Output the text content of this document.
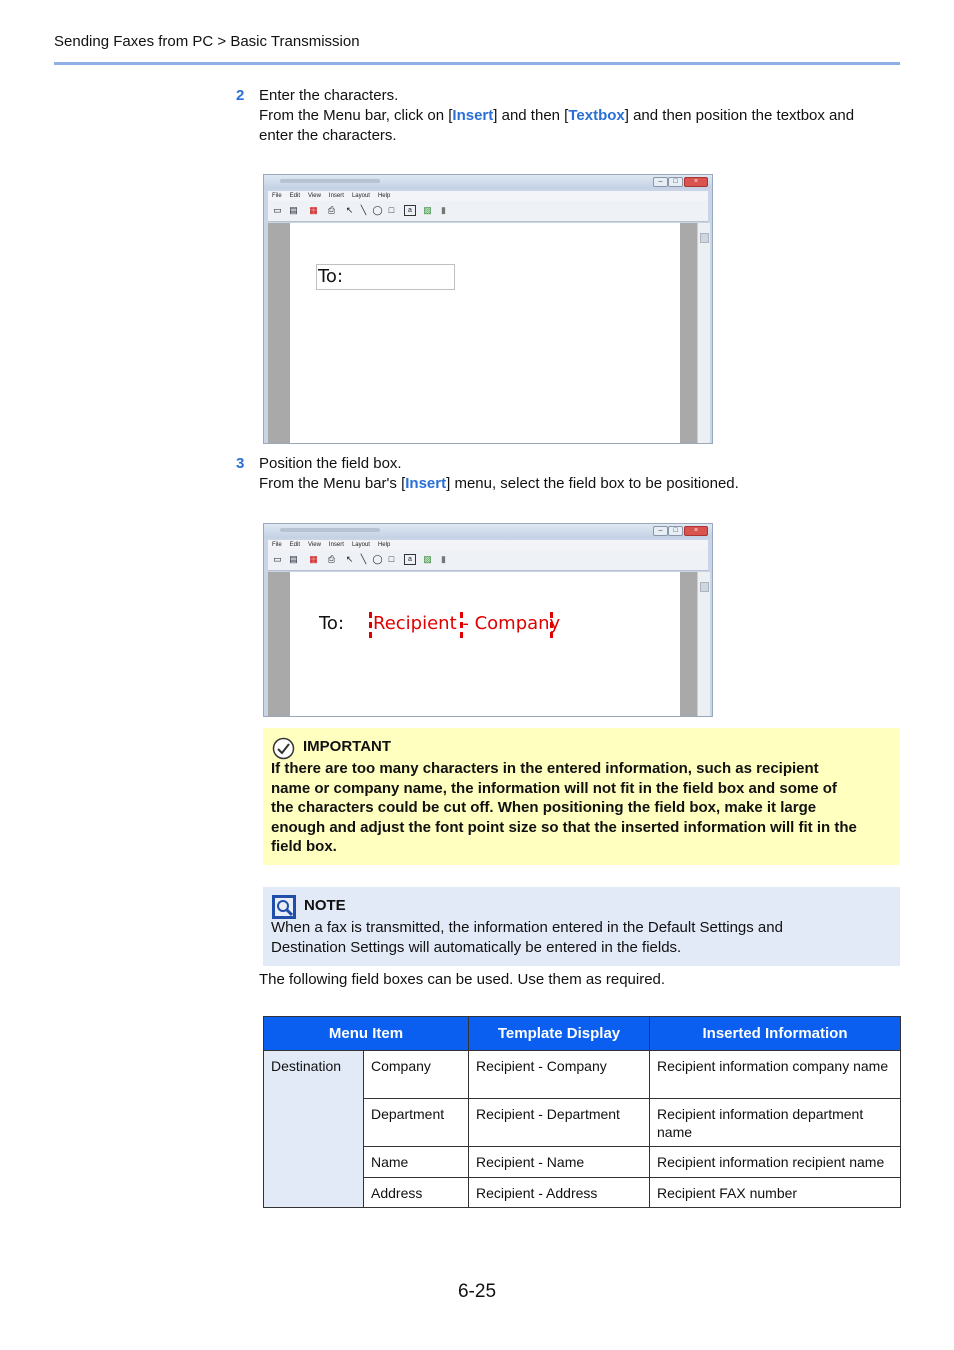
Sending Faxes from PC > Basic Transmission
2 Enter the characters.
From the Menu bar, click on [Insert] and then [Textbox] and then position the textbox and
enter the characters.
–	□	×
File Edit View Insert Layout Help
▭ ▤ ▦ ⎙ ↖ ╲ ◯ □	a	▨	▮
To:
3 Position the field box.
From the Menu bar's [Insert] menu, select the field box to be positioned.
–	□	×
File Edit View Insert Layout Help
▭ ▤ ▦ ⎙ ↖ ╲ ◯ □	a	▨	▮
To: Recipient - Company
IMPORTANT
If there are too many characters in the entered information, such as recipient
name or company name, the information will not fit in the field box and some of
the characters could be cut off. When positioning the field box, make it large
enough and adjust the font point size so that the inserted information will fit in the
field box.
NOTE
When a fax is transmitted, the information entered in the Default Settings and
Destination Settings will automatically be entered in the fields.
The following field boxes can be used. Use them as required.
Menu Item		Template Display	Inserted Information
Destination	Company	Recipient - Company	Recipient information company name
	Department	Recipient - Department	Recipient information department name
	Name	Recipient - Name	Recipient information recipient name
	Address	Recipient - Address	Recipient FAX number
6-25
